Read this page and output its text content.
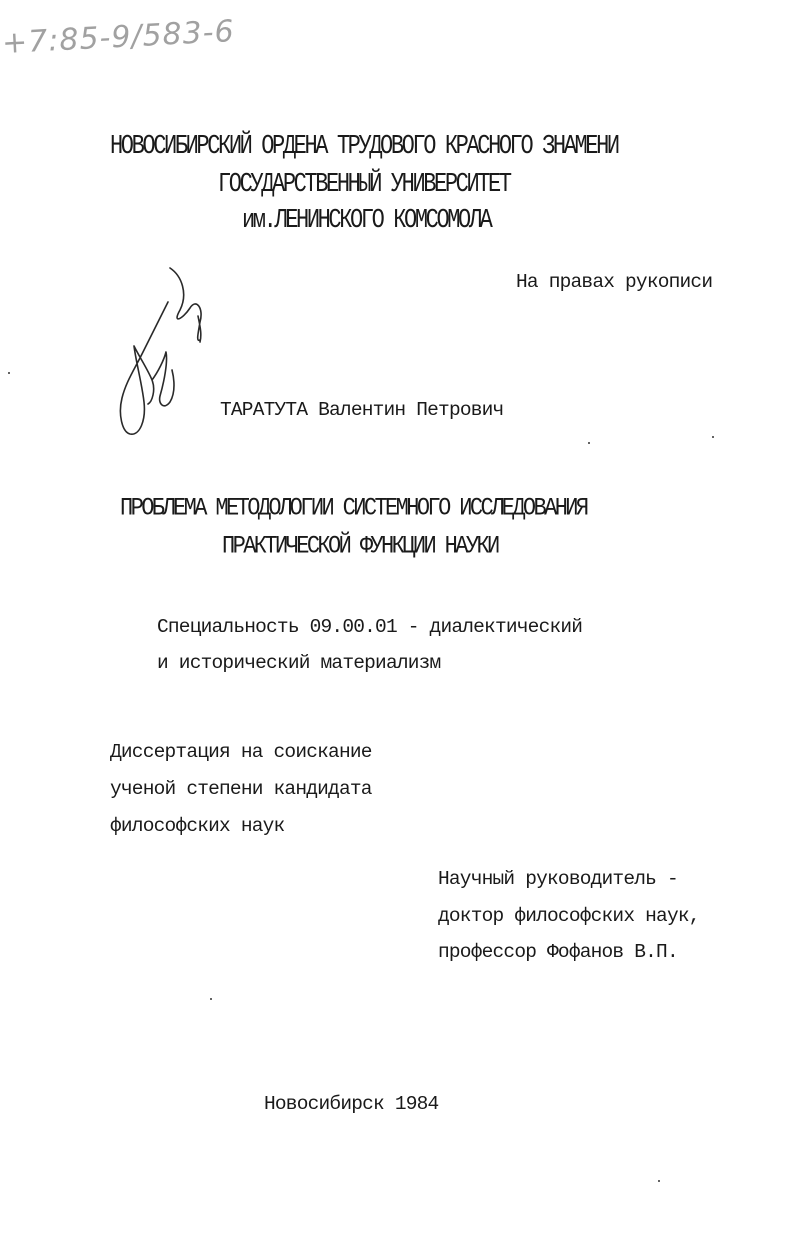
+7:85-9/583-6
НОВОСИБИРСКИЙ ОРДЕНА ТРУДОВОГО КРАСНОГО ЗНАМЕНИ
ГОСУДАРСТВЕННЫЙ УНИВЕРСИТЕТ
им.ЛЕНИНСКОГО КОМСОМОЛА
На правах рукописи
ТАРАТУТА Валентин Петрович
ПРОБЛЕМА МЕТОДОЛОГИИ СИСТЕМНОГО ИССЛЕДОВАНИЯ
ПРАКТИЧЕСКОЙ ФУНКЦИИ НАУКИ
Специальность 09.00.01 - диалектический
и исторический материализм
Диссертация на соискание
ученой степени кандидата
философских наук
Научный руководитель -
доктор философских наук,
профессор Фофанов В.П.
Новосибирск 1984
